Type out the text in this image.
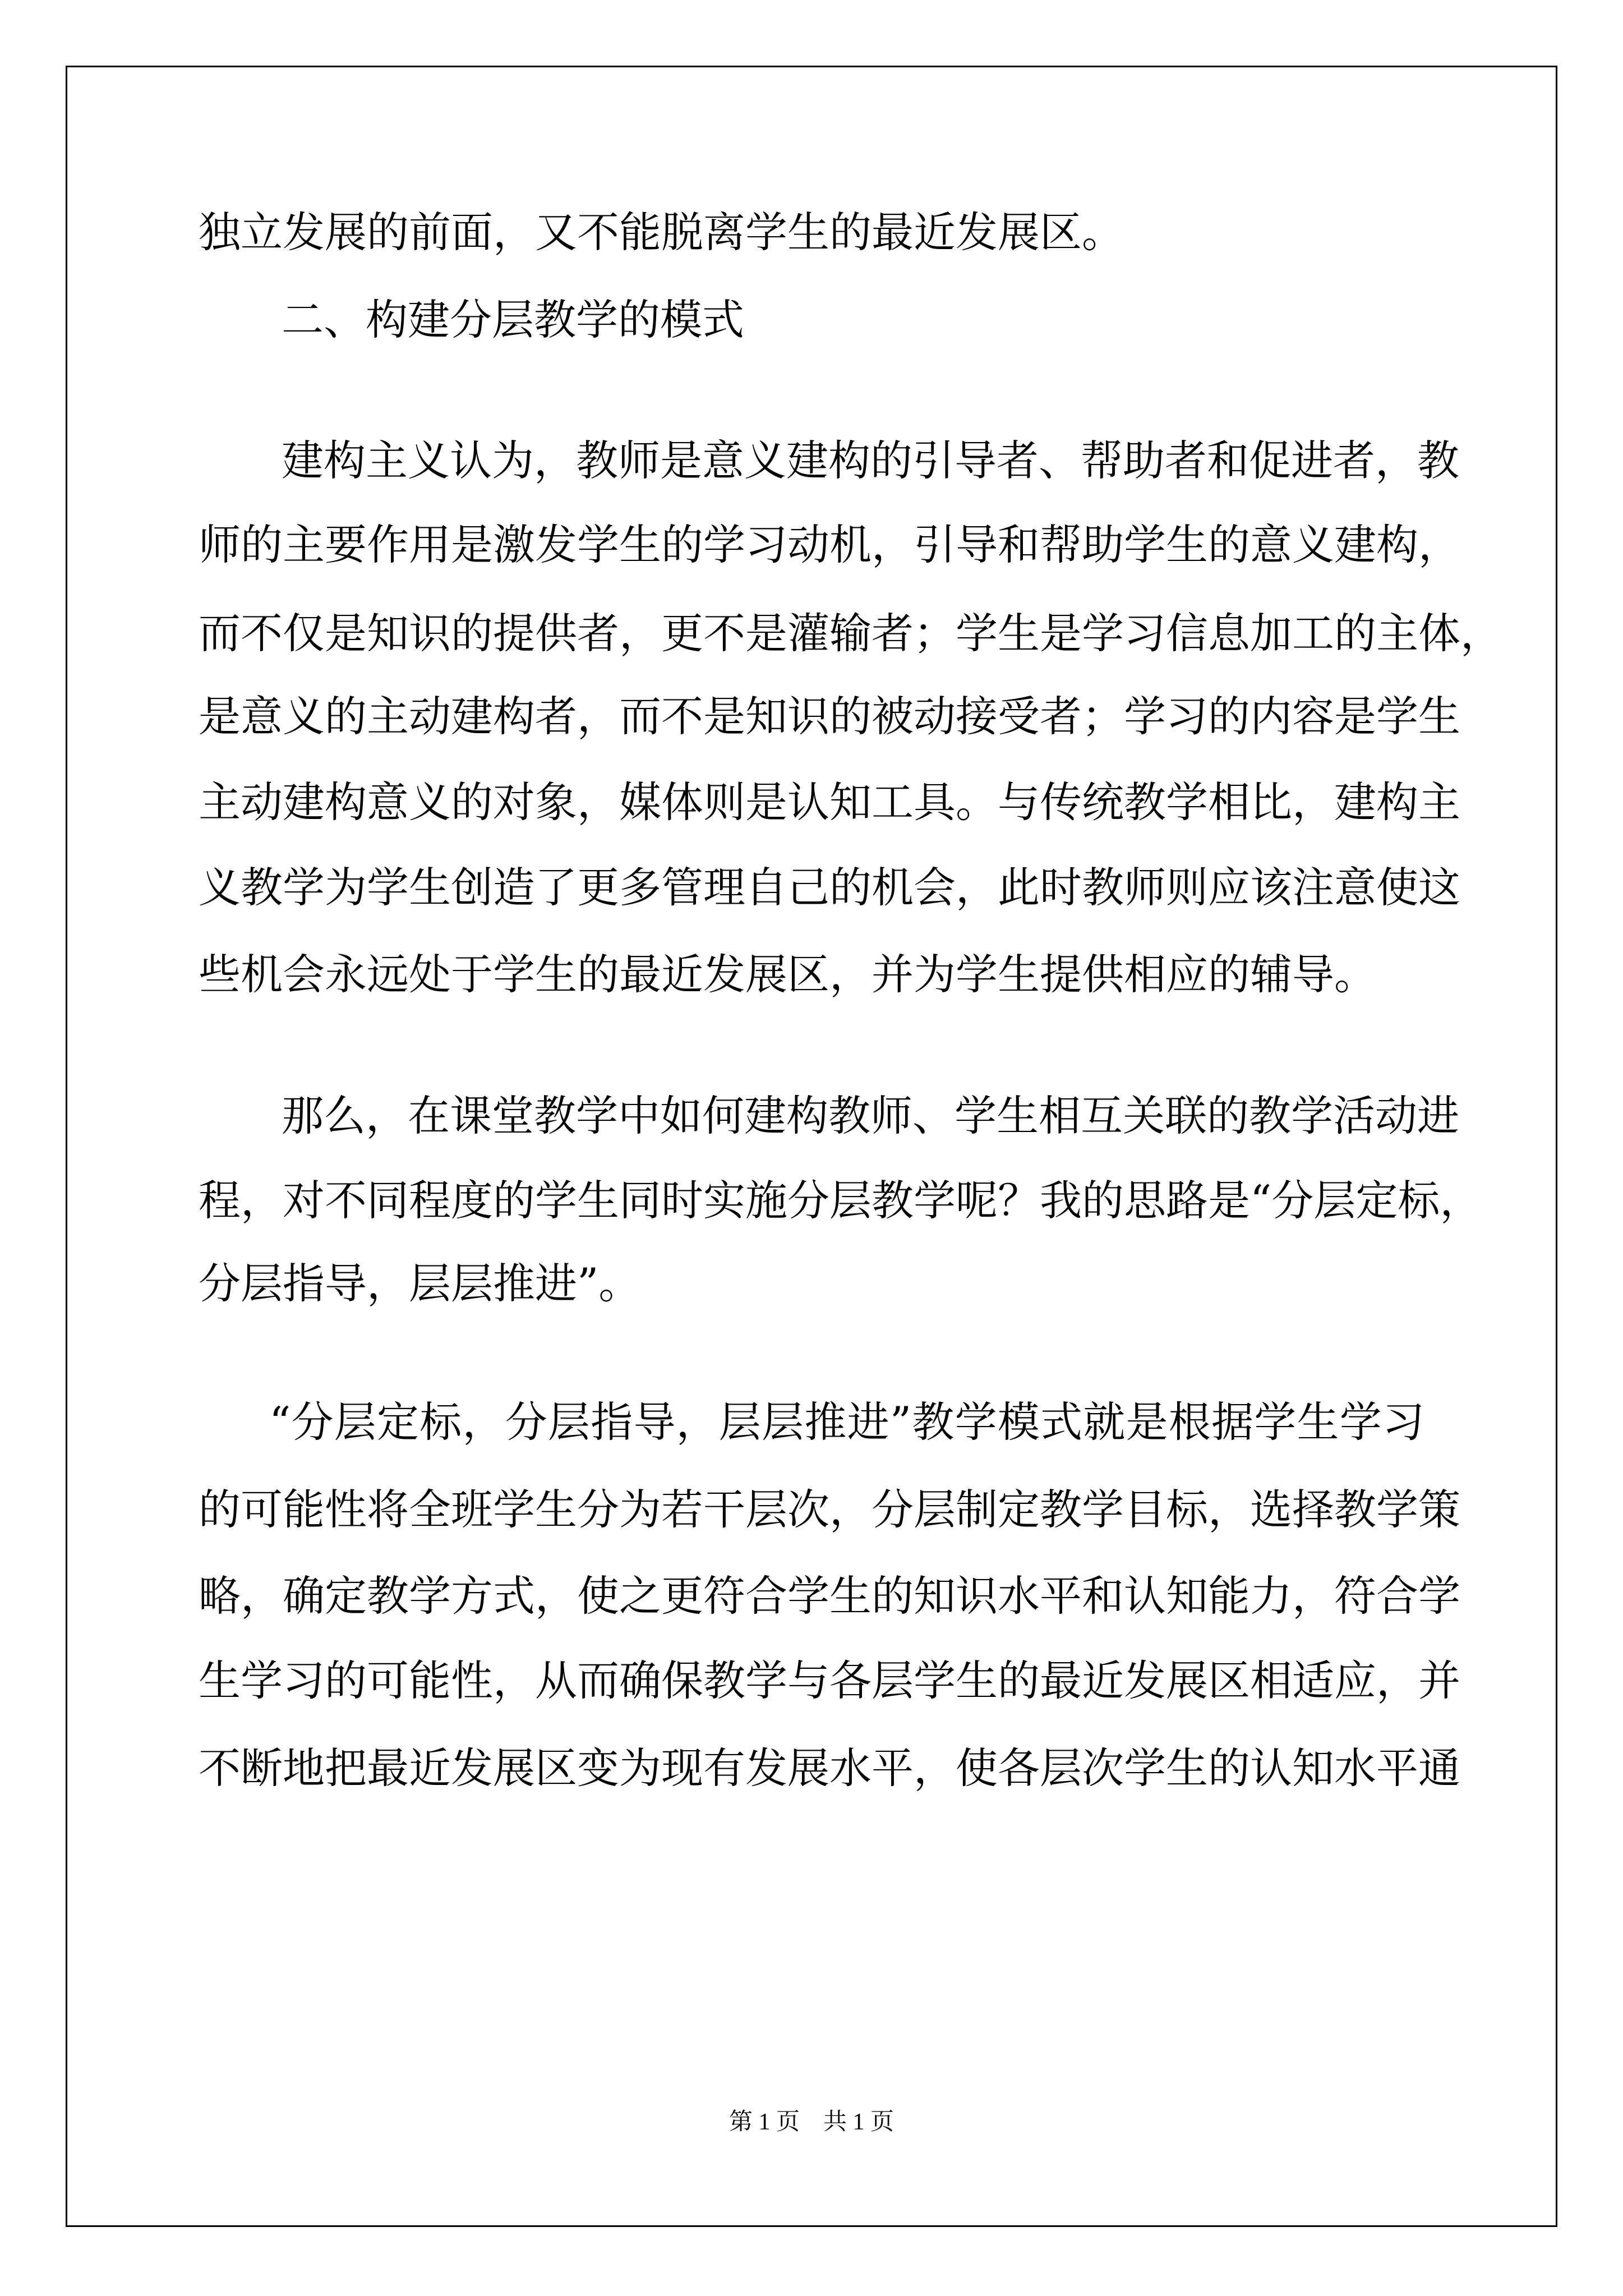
独立发展的前面，又不能脱离学生的最近发展区。

二、构建分层教学的模式

建构主义认为，教师是意义建构的引导者、帮助者和促进者，教

师的主要作用是激发学生的学习动机，引导和帮助学生的意义建构，

而不仅是知识的提供者，更不是灌输者；学生是学习信息加工的主体，

是意义的主动建构者，而不是知识的被动接受者；学习的内容是学生

主动建构意义的对象，媒体则是认知工具。与传统教学相比，建构主

义教学为学生创造了更多管理自己的机会，此时教师则应该注意使这

些机会永远处于学生的最近发展区，并为学生提供相应的辅导。

那么，在课堂教学中如何建构教师、学生相互关联的教学活动进

程，对不同程度的学生同时实施分层教学呢？我的思路是“分层定标，

分层指导，层层推进”。

“分层定标，分层指导，层层推进”教学模式就是根据学生学习

的可能性将全班学生分为若干层次，分层制定教学目标，选择教学策

略，确定教学方式，使之更符合学生的知识水平和认知能力，符合学

生学习的可能性，从而确保教学与各层学生的最近发展区相适应，并

不断地把最近发展区变为现有发展水平，使各层次学生的认知水平通

第 1 页    共 1 页
